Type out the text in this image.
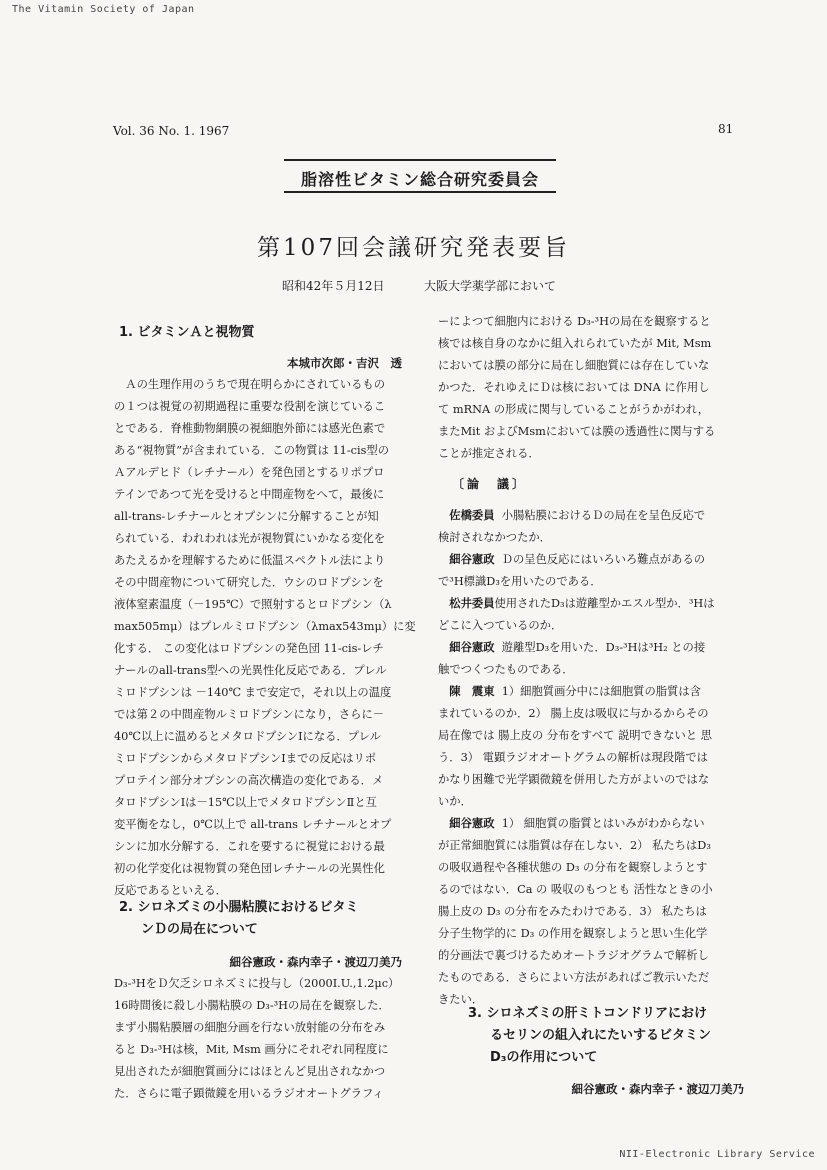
The Vitamin Society of Japan
Vol. 36 No. 1. 1967	81
脂溶性ビタミン総合研究委員会
第107回会議研究発表要旨
昭和42年５月12日	大阪大学薬学部において
1. ビタミンＡと視物質
本城市次郎・吉沢　透
Ａの生理作用のうちで現在明らかにされているもの
の１つは視覚の初期過程に重要な役割を演じているこ
とである．脊椎動物網膜の視細胞外節には感光色素で
ある“視物質”が含まれている．この物質は 11-cis型の
Ａアルデヒド（レチナール）を発色団とするリポプロ
テインであつて光を受けると中間産物をへて，最後に
all-trans-レチナールとオプシンに分解することが知
られている．われわれは光が視物質にいかなる変化を
あたえるかを理解するために低温スペクトル法により
その中間産物について研究した．ウシのロドプシンを
液体窒素温度（－195℃）で照射するとロドプシン（λ
max505mμ）はプレルミロドプシン（λmax543mμ）に変
化する． この変化はロドプシンの発色団 11-cis-レチ
ナールのall-trans型への光異性化反応である．プレル
ミロドプシンは －140℃ まで安定で，それ以上の温度
では第２の中間産物ルミロドプシンになり，さらに－
40℃以上に温めるとメタロドプシンⅠになる．プレル
ミロドプシンからメタロドプシンⅠまでの反応はリポ
プロテイン部分オプシンの高次構造の変化である．メ
タロドプシンⅠは－15℃以上でメタロドプシンⅡと互
変平衡をなし，0℃以上で all-trans レチナールとオプ
シンに加水分解する．これを要するに視覚における最
初の化学変化は視物質の発色団レチナールの光異性化
反応であるといえる．
2. シロネズミの小腸粘膜におけるビタミ
ンＤの局在について
細谷憲政・森内幸子・渡辺刀美乃
D₃-³HをＤ欠乏シロネズミに投与し（2000I.U.,1.2μc）
16時間後に殺し小腸粘膜の D₃-³Hの局在を観察した．
まず小腸粘膜層の細胞分画を行ない放射能の分布をみ
ると D₃-³Hは核，Mit, Msm 画分にそれぞれ同程度に
見出されたが細胞質画分にはほとんど見出されなかつ
た．さらに電子顕微鏡を用いるラジオオートグラフィ
ーによつて細胞内における D₃-³Hの局在を観察すると
核では核自身のなかに組入れられていたが Mit, Msm
においては膜の部分に局在し細胞質には存在していな
かつた．それゆえにＤは核においては DNA に作用し
て mRNA の形成に関与していることがうかがわれ，
またMit およびMsmにおいては膜の透過性に関与する
ことが推定される．
〔論　議〕
佐橋委員 小腸粘膜におけるＤの局在を呈色反応で
検討されなかつたか．
細谷憲政 Ｄの呈色反応にはいろいろ難点があるの
で³H標識D₃を用いたのである．
松井委員使用されたD₃は遊離型かエスル型か．³Hは
どこに入つているのか．
細谷憲政 遊離型D₃を用いた．D₃-³Hは³H₂ との接
触でつくつたものである．
陳　震東 1）細胞質画分中には細胞質の脂質は含
まれているのか．2） 腸上皮は吸収に与かるからその
局在像では 腸上皮の 分布をすべて 説明できないと 思
う．3） 電顕ラジオオートグラムの解析は現段階では
かなり困難で光学顕微鏡を併用した方がよいのではな
いか．
細谷憲政 1） 細胞質の脂質とはいみがわからない
が正常細胞質には脂質は存在しない．2） 私たちはD₃
の吸収過程や各種状態の D₃ の分布を観察しようとす
るのではない．Ca の 吸収のもつとも 活性なときの小
腸上皮の D₃ の分布をみたわけである．3） 私たちは
分子生物学的に D₃ の作用を観察しようと思い生化学
的分画法で裏づけるためオートラジオグラムで解析し
たものである．さらによい方法があればご教示いただ
きたい．
3. シロネズミの肝ミトコンドリアにおけ
るセリンの組入れにたいするビタミン
D₃の作用について
細谷憲政・森内幸子・渡辺刀美乃
NII-Electronic Library Service
